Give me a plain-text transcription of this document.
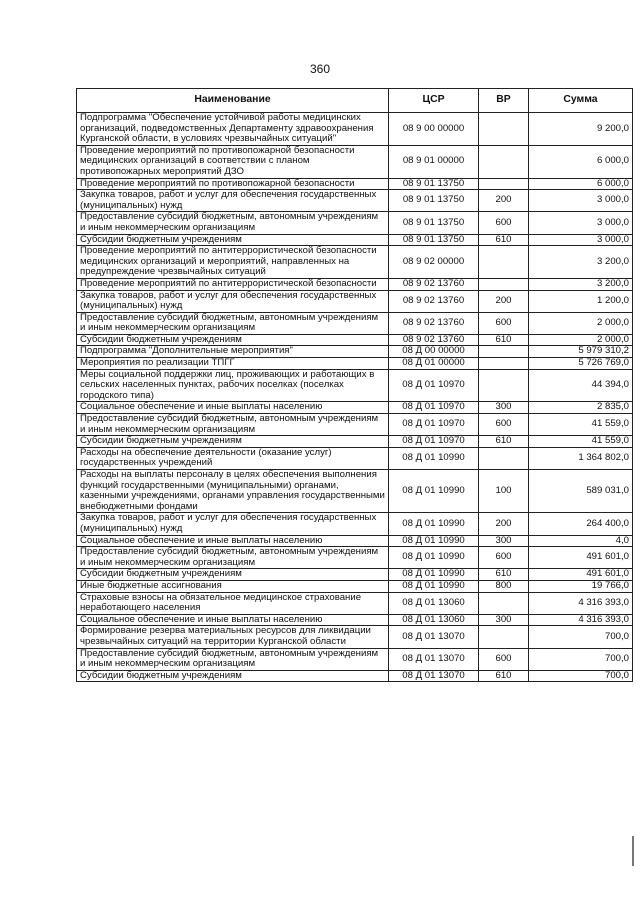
360
Наименование	ЦСР	ВР	Сумма
Подпрограмма "Обеспечение устойчивой работы медицинских организаций, подведомственных Департаменту здравоохранения Курганской области, в условиях чрезвычайных ситуаций"	08 9 00 00000		9 200,0
Проведение мероприятий по противопожарной безопасности медицинских организаций в соответствии с планом противопожарных мероприятий ДЗО	08 9 01 00000		6 000,0
Проведение мероприятий по противопожарной безопасности	08 9 01 13750		6 000,0
Закупка товаров, работ и услуг для обеспечения государственных (муниципальных) нужд	08 9 01 13750	200	3 000,0
Предоставление субсидий бюджетным, автономным учреждениям и иным некоммерческим организациям	08 9 01 13750	600	3 000,0
Субсидии бюджетным учреждениям	08 9 01 13750	610	3 000,0
Проведение мероприятий по антитеррористической безопасности медицинских организаций и мероприятий, направленных на предупреждение чрезвычайных ситуаций	08 9 02 00000		3 200,0
Проведение мероприятий по антитеррористической безопасности	08 9 02 13760		3 200,0
Закупка товаров, работ и услуг для обеспечения государственных (муниципальных) нужд	08 9 02 13760	200	1 200,0
Предоставление субсидий бюджетным, автономным учреждениям и иным некоммерческим организациям	08 9 02 13760	600	2 000,0
Субсидии бюджетным учреждениям	08 9 02 13760	610	2 000,0
Подпрограмма "Дополнительные мероприятия"	08 Д 00 00000		5 979 310,2
Мероприятия по реализации ТПГГ	08 Д 01 00000		5 726 769,0
Меры социальной поддержки лиц, проживающих и работающих в сельских населенных пунктах, рабочих поселках (поселках городского типа)	08 Д 01 10970		44 394,0
Социальное обеспечение и иные выплаты населению	08 Д 01 10970	300	2 835,0
Предоставление субсидий бюджетным, автономным учреждениям и иным некоммерческим организациям	08 Д 01 10970	600	41 559,0
Субсидии бюджетным учреждениям	08 Д 01 10970	610	41 559,0
Расходы на обеспечение деятельности (оказание услуг) государственных учреждений	08 Д 01 10990		1 364 802,0
Расходы на выплаты персоналу в целях обеспечения выполнения функций государственными (муниципальными) органами, казенными учреждениями, органами управления государственными внебюджетными фондами	08 Д 01 10990	100	589 031,0
Закупка товаров, работ и услуг для обеспечения государственных (муниципальных) нужд	08 Д 01 10990	200	264 400,0
Социальное обеспечение и иные выплаты населению	08 Д 01 10990	300	4,0
Предоставление субсидий бюджетным, автономным учреждениям и иным некоммерческим организациям	08 Д 01 10990	600	491 601,0
Субсидии бюджетным учреждениям	08 Д 01 10990	610	491 601,0
Иные бюджетные ассигнования	08 Д 01 10990	800	19 766,0
Страховые взносы на обязательное медицинское страхование неработающего населения	08 Д 01 13060		4 316 393,0
Социальное обеспечение и иные выплаты населению	08 Д 01 13060	300	4 316 393,0
Формирование резерва материальных ресурсов для ликвидации чрезвычайных ситуаций на территории Курганской области	08 Д 01 13070		700,0
Предоставление субсидий бюджетным, автономным учреждениям и иным некоммерческим организациям	08 Д 01 13070	600	700,0
Субсидии бюджетным учреждениям	08 Д 01 13070	610	700,0
